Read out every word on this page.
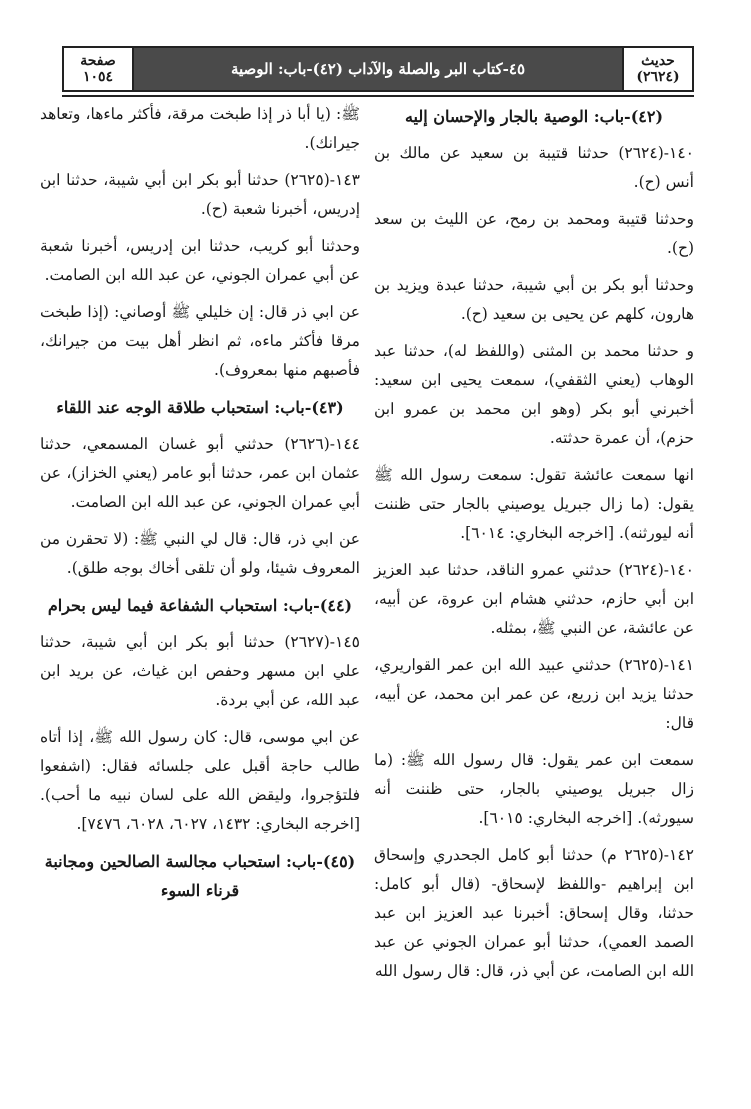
حديث
(٢٦٢٤)
٤٥-كتاب البر والصلة والآداب (٤٢)-باب: الوصية
صفحة
١٠٥٤
(٤٢)-باب: الوصية بالجار والإحسان إليه
١٤٠-(٢٦٢٤) حدثنا قتيبة بن سعيد عن مالك بن أنس (ح).
وحدثنا قتيبة ومحمد بن رمح، عن الليث بن سعد (ح).
وحدثنا أبو بكر بن أبي شيبة، حدثنا عبدة ويزيد بن هارون، كلهم عن يحيى بن سعيد (ح).
و حدثنا محمد بن المثنى (واللفظ له)، حدثنا عبد الوهاب (يعني الثقفي)، سمعت يحيى ابن سعيد: أخبرني أبو بكر (وهو ابن محمد بن عمرو ابن حزم)، أن عمرة حدثته.
انها سمعت عائشة تقول: سمعت رسول الله ﷺ يقول: (ما زال جبريل يوصيني بالجار حتى ظننت أنه ليورثنه). [اخرجه البخاري: ٦٠١٤].
١٤٠-(٢٦٢٤) حدثني عمرو الناقد، حدثنا عبد العزيز ابن أبي حازم، حدثني هشام ابن عروة، عن أبيه، عن عائشة، عن النبي ﷺ، بمثله.
١٤١-(٢٦٢٥) حدثني عبيد الله ابن عمر القواريري، حدثنا يزيد ابن زريع، عن عمر ابن محمد، عن أبيه، قال:
سمعت ابن عمر يقول: قال رسول الله ﷺ: (ما زال جبريل يوصيني بالجار، حتى ظننت أنه سيورثه). [اخرجه البخاري: ٦٠١٥].
١٤٢-(٢٦٢٥ م) حدثنا أبو كامل الجحدري وإسحاق ابن إبراهيم -واللفظ لإسحاق- (قال أبو كامل: حدثنا، وقال إسحاق: أخبرنا عبد العزيز ابن عبد الصمد العمي)، حدثنا أبو عمران الجوني عن عبد الله ابن الصامت، عن أبي ذر، قال: قال رسول الله
ﷺ: (يا أبا ذر إذا طبخت مرقة، فأكثر ماءها، وتعاهد جيرانك).
١٤٣-(٢٦٢٥) حدثنا أبو بكر ابن أبي شيبة، حدثنا ابن إدريس، أخبرنا شعبة (ح).
وحدثنا أبو كريب، حدثنا ابن إدريس، أخبرنا شعبة عن أبي عمران الجوني، عن عبد الله ابن الصامت.
عن ابي ذر قال: إن خليلي ﷺ أوصاني: (إذا طبخت مرقا فأكثر ماءه، ثم انظر أهل بيت من جيرانك، فأصبهم منها بمعروف).
(٤٣)-باب: استحباب طلاقة الوجه عند اللقاء
١٤٤-(٢٦٢٦) حدثني أبو غسان المسمعي، حدثنا عثمان ابن عمر، حدثنا أبو عامر (يعني الخزاز)، عن أبي عمران الجوني، عن عبد الله ابن الصامت.
عن ابي ذر، قال: قال لي النبي ﷺ: (لا تحقرن من المعروف شيئا، ولو أن تلقى أخاك بوجه طلق).
(٤٤)-باب: استحباب الشفاعة فيما ليس بحرام
١٤٥-(٢٦٢٧) حدثنا أبو بكر ابن أبي شيبة، حدثنا علي ابن مسهر وحفص ابن غياث، عن بريد ابن عبد الله، عن أبي بردة.
عن ابي موسى، قال: كان رسول الله ﷺ، إذا أتاه طالب حاجة أقبل على جلسائه فقال: (اشفعوا فلتؤجروا، وليقض الله على لسان نبيه ما أحب). [اخرجه البخاري: ١٤٣٢، ٦٠٢٧، ٦٠٢٨، ٧٤٧٦].
(٤٥)-باب: استحباب مجالسة الصالحين ومجانبة قرناء السوء
